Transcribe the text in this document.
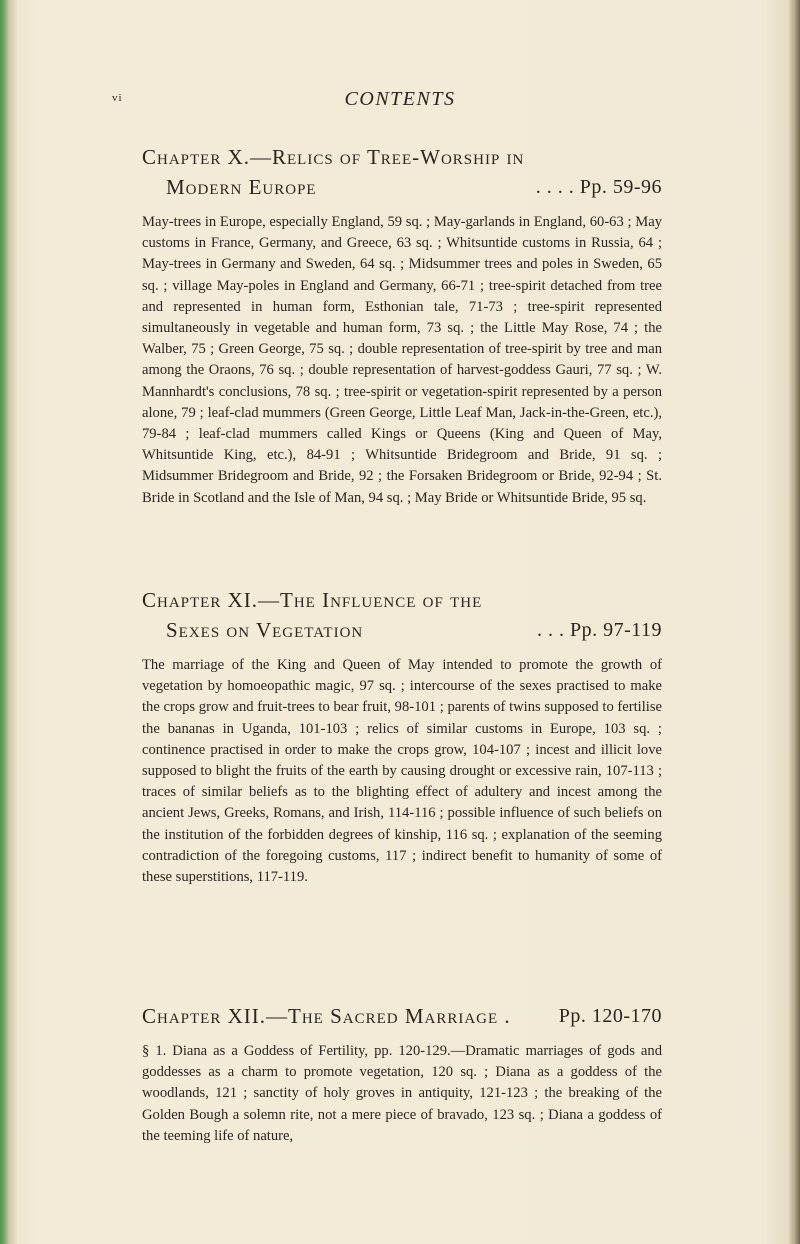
vi	CONTENTS
Chapter X.—Relics of Tree-Worship in
Modern Europe	. . . . Pp. 59-96

May-trees in Europe, especially England, 59 sq. ; May-garlands in England, 60-63 ; May customs in France, Germany, and Greece, 63 sq. ; Whitsuntide customs in Russia, 64 ; May-trees in Germany and Sweden, 64 sq. ; Midsummer trees and poles in Sweden, 65 sq. ; village May-poles in England and Germany, 66-71 ; tree-spirit detached from tree and represented in human form, Esthonian tale, 71-73 ; tree-spirit represented simultaneously in vegetable and human form, 73 sq. ; the Little May Rose, 74 ; the Walber, 75 ; Green George, 75 sq. ; double representation of tree-spirit by tree and man among the Oraons, 76 sq. ; double representation of harvest-goddess Gauri, 77 sq. ; W. Mannhardt's conclusions, 78 sq. ; tree-spirit or vegetation-spirit represented by a person alone, 79 ; leaf-clad mummers (Green George, Little Leaf Man, Jack-in-the-Green, etc.), 79-84 ; leaf-clad mummers called Kings or Queens (King and Queen of May, Whitsuntide King, etc.), 84-91 ; Whitsuntide Bridegroom and Bride, 91 sq. ; Midsummer Bridegroom and Bride, 92 ; the Forsaken Bridegroom or Bride, 92-94 ; St. Bride in Scotland and the Isle of Man, 94 sq. ; May Bride or Whitsuntide Bride, 95 sq.

Chapter XI.—The Influence of the
Sexes on Vegetation	. . . Pp. 97-119

The marriage of the King and Queen of May intended to promote the growth of vegetation by homoeopathic magic, 97 sq. ; intercourse of the sexes practised to make the crops grow and fruit-trees to bear fruit, 98-101 ; parents of twins supposed to fertilise the bananas in Uganda, 101-103 ; relics of similar customs in Europe, 103 sq. ; continence practised in order to make the crops grow, 104-107 ; incest and illicit love supposed to blight the fruits of the earth by causing drought or excessive rain, 107-113 ; traces of similar beliefs as to the blighting effect of adultery and incest among the ancient Jews, Greeks, Romans, and Irish, 114-116 ; possible influence of such beliefs on the institution of the forbidden degrees of kinship, 116 sq. ; explanation of the seeming contradiction of the foregoing customs, 117 ; indirect benefit to humanity of some of these superstitions, 117-119.

Chapter XII.—The Sacred Marriage . Pp. 120-170

§ 1. Diana as a Goddess of Fertility, pp. 120-129.—Dramatic marriages of gods and goddesses as a charm to promote vegetation, 120 sq. ; Diana as a goddess of the woodlands, 121 ; sanctity of holy groves in antiquity, 121-123 ; the breaking of the Golden Bough a solemn rite, not a mere piece of bravado, 123 sq. ; Diana a goddess of the teeming life of nature,
